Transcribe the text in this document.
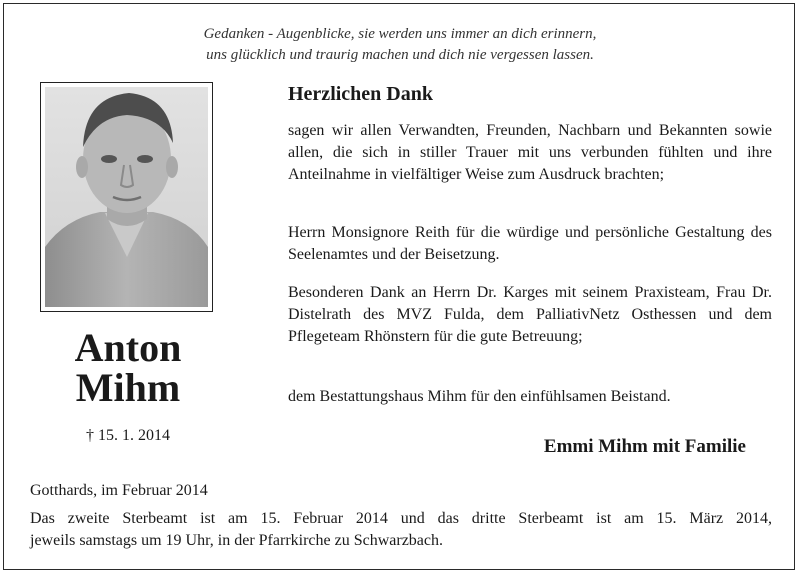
Gedanken - Augenblicke, sie werden uns immer an dich erinnern,
uns glücklich und traurig machen und dich nie vergessen lassen.
Anton
Mihm
† 15. 1. 2014
Herzlichen Dank
sagen wir allen Verwandten, Freunden, Nachbarn und Bekannten sowie allen, die sich in stiller Trauer mit uns verbunden fühlten und ihre Anteilnahme in vielfältiger Weise zum Ausdruck brachten;
Herrn Monsignore Reith für die würdige und persönliche Gestaltung des Seelenamtes und der Beisetzung.
Besonderen Dank an Herrn Dr. Karges mit seinem Praxisteam, Frau Dr. Distelrath des MVZ Fulda, dem PalliativNetz Osthessen und dem Pflegeteam Rhönstern für die gute Betreuung;
dem Bestattungshaus Mihm für den einfühlsamen Beistand.
Emmi Mihm mit Familie
Gotthards, im Februar 2014
Das zweite Sterbeamt ist am 15. Februar 2014 und das dritte Sterbeamt ist am 15. März 2014,
jeweils samstags um 19 Uhr, in der Pfarrkirche zu Schwarzbach.
